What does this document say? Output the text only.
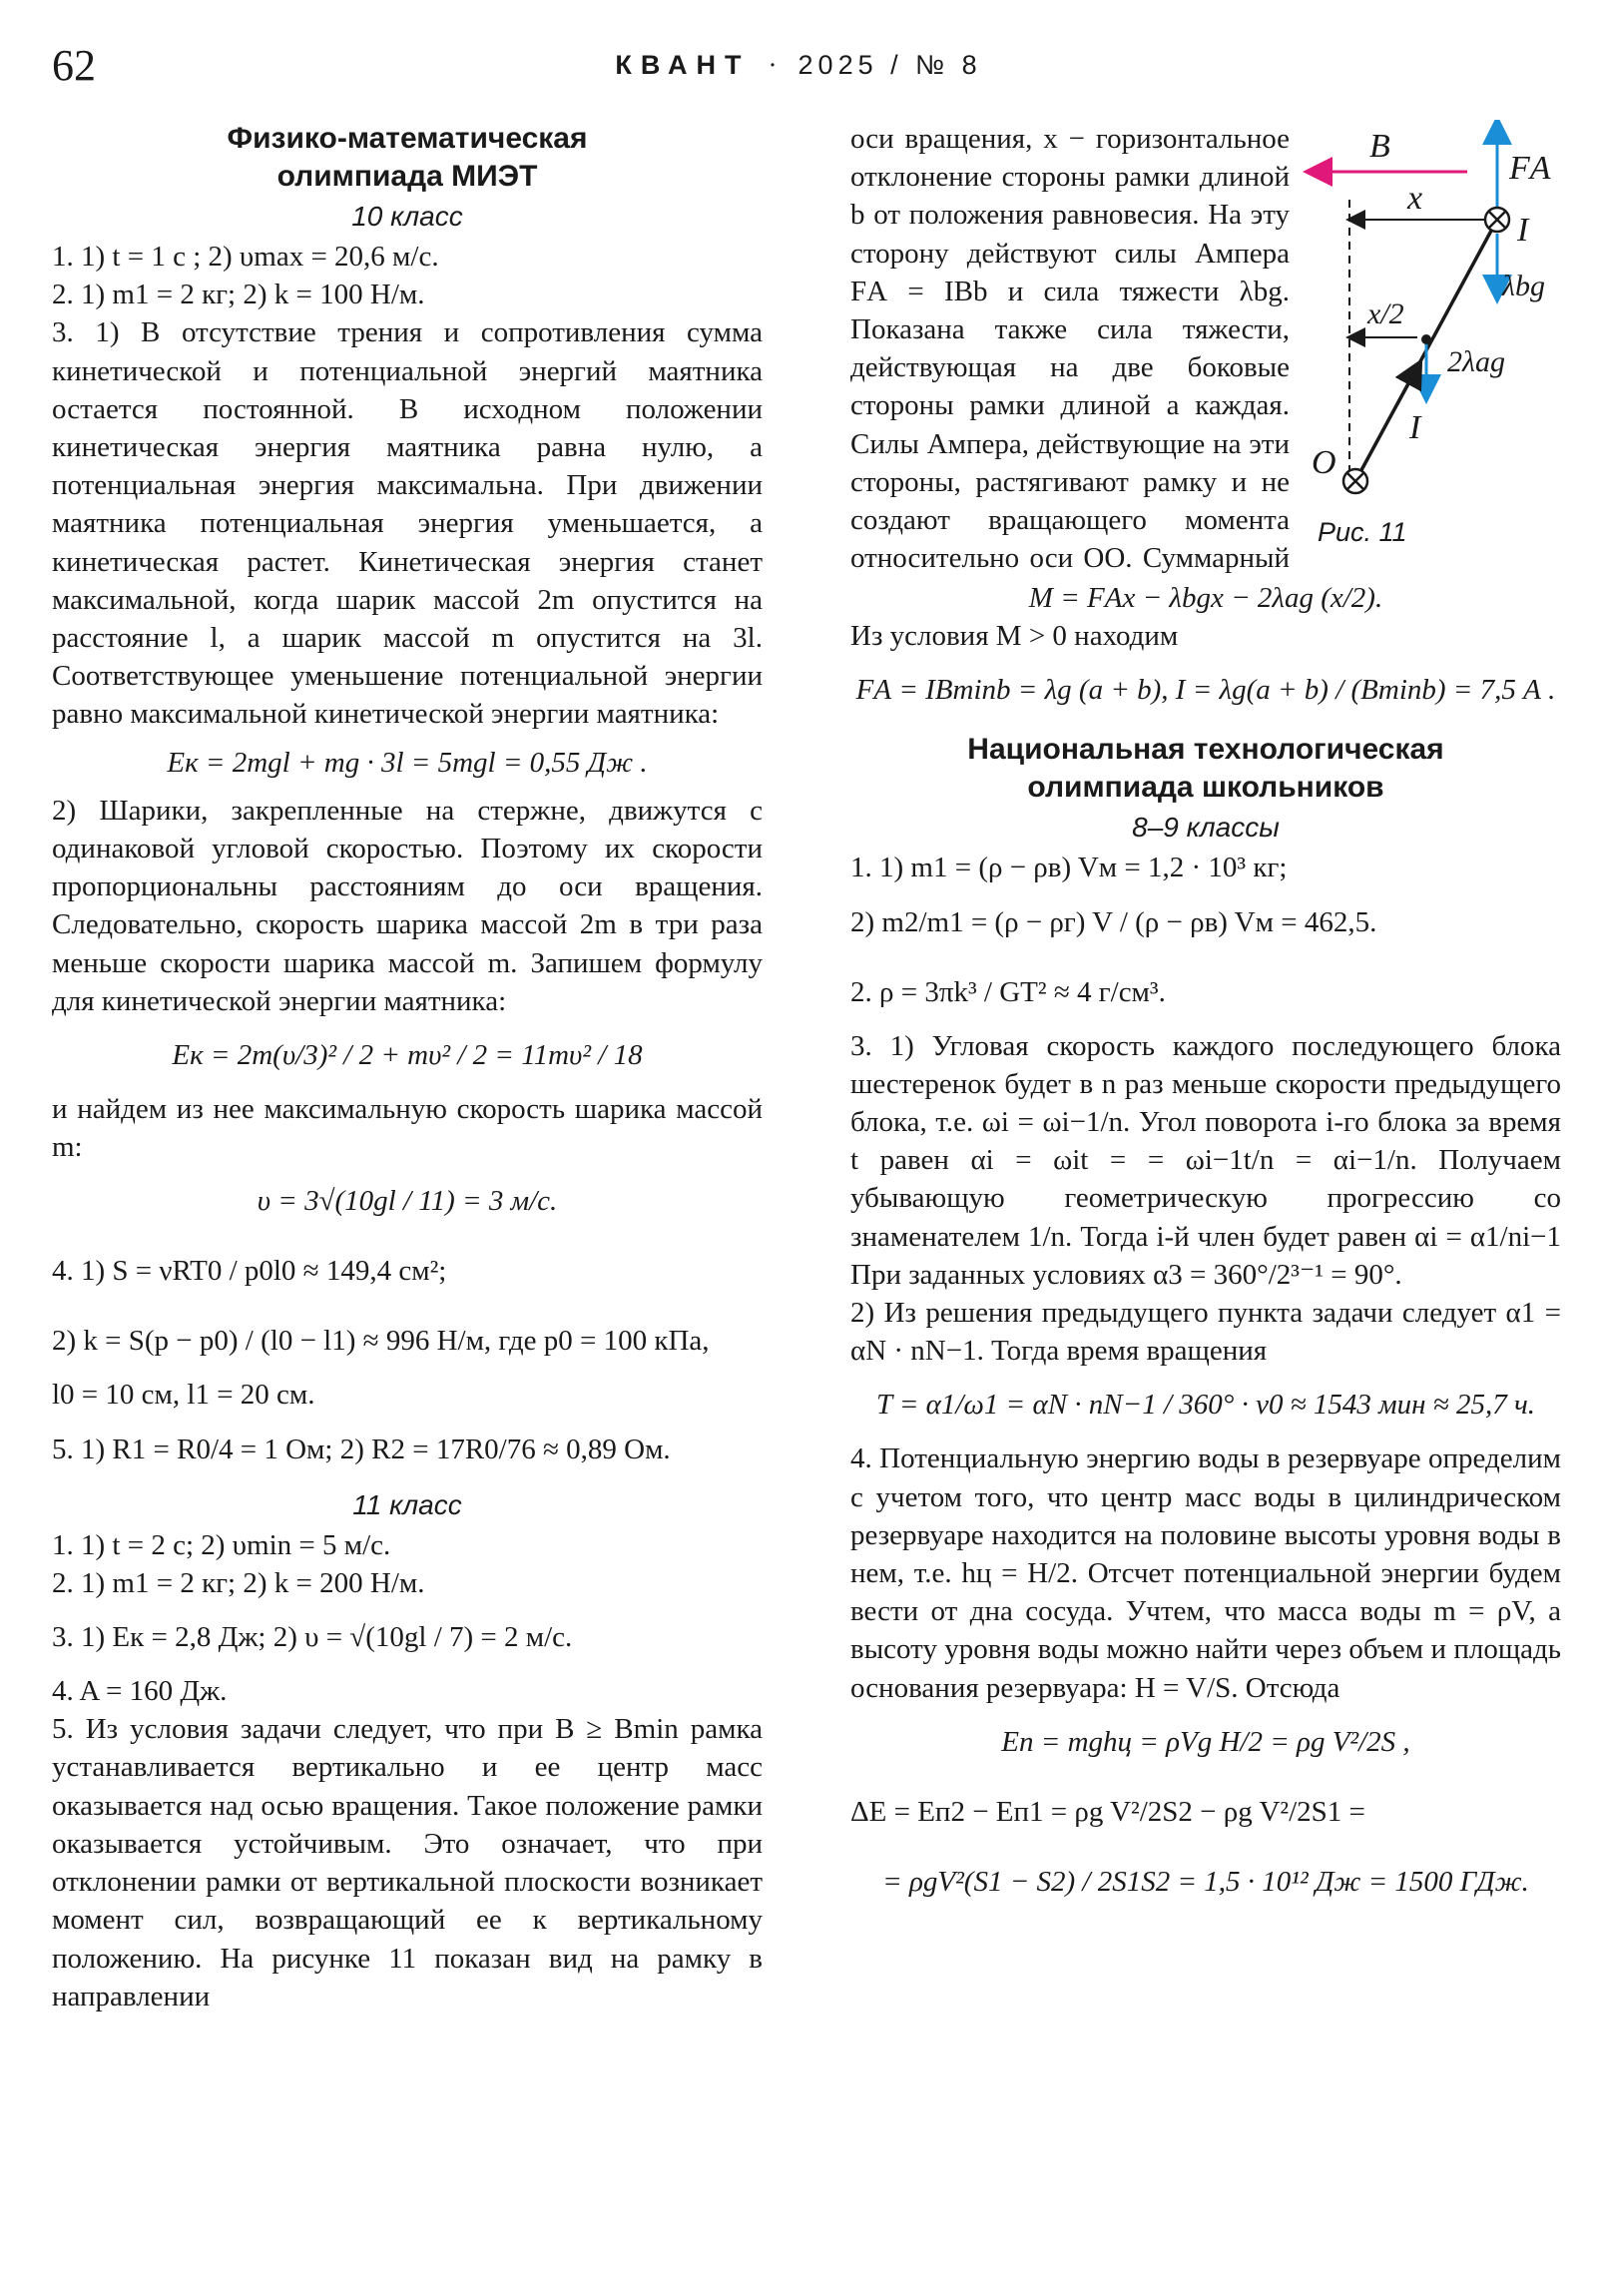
62	КВАНТ · 2025 / № 8

Физико-математическая

олимпиада МИЭТ

10 класс

1. 1) t = 1 с ; 2) υmax = 20,6 м/с.

2. 1) m1 = 2 кг; 2) k = 100 Н/м.

3. 1) В отсутствие трения и сопротивления сумма кинетической и потенциальной энергий маятника остается постоянной. В исходном положении кинетическая энергия маятника равна нулю, а потенциальная энергия максимальна. При движении маятника потенциальная энергия уменьшается, а кинетическая растет. Кинетическая энергия станет максимальной, когда шарик массой 2m опустится на расстояние l, а шарик массой m опустится на 3l. Соответствующее уменьшение потенциальной энергии равно максимальной кинетической энергии маятника:

Eк = 2mgl + mg · 3l = 5mgl = 0,55 Дж .

2) Шарики, закрепленные на стержне, движутся с одинаковой угловой скоростью. Поэтому их скорости пропорциональны расстояниям до оси вращения. Следовательно, скорость шарика массой 2m в три раза меньше скорости шарика массой m. Запишем формулу для кинетической энергии маятника:

Eк = 2m(υ/3)² / 2 + mυ² / 2 = 11mυ² / 18

и найдем из нее максимальную скорость шарика массой m:

υ = 3√(10gl / 11) = 3 м/с.

4. 1) S = νRT0 / p0l0 ≈ 149,4 см²;

2) k = S(p − p0) / (l0 − l1) ≈ 996 Н/м, где p0 = 100 кПа,

l0 = 10 см, l1 = 20 см.

5. 1) R1 = R0/4 = 1 Ом; 2) R2 = 17R0/76 ≈ 0,89 Ом.

11 класс

1. 1) t = 2 с; 2) υmin = 5 м/с.

2. 1) m1 = 2 кг; 2) k = 200 Н/м.

3. 1) Eк = 2,8 Дж; 2) υ = √(10gl / 7) = 2 м/с.

4. A = 160 Дж.

5. Из условия задачи следует, что при B ≥ Bmin рамка устанавливается вертикально и ее центр масс оказывается над осью вращения. Такое положение рамки оказывается устойчивым. Это означает, что при отклонении рамки от вертикальной плоскости возникает момент сил, возвращающий ее к вертикальному положению. На рисунке 11 показан вид на рамку в направлении

оси вращения, x − горизонтальное отклонение стороны рамки длиной b от положения равновесия. На эту сторону действуют силы Ампера FА = IBb и сила тяжести λbg. Показана также сила тяжести, действующая на две боковые стороны рамки длиной a каждая. Силы Ампера, действующие на эти стороны, растягивают рамку и не создают вращающего момента относительно оси OO. Суммарный

B
FА
x
I
λbg
x/2
2λag
I
O
Рис. 11

M = FАx − λbgx − 2λag (x/2).

Из условия M > 0 находим

FА = IBminb = λg (a + b), I = λg(a + b) / (Bminb) = 7,5 А .

Национальная технологическая

олимпиада школьников

8–9 классы

1. 1) m1 = (ρ − ρв) Vм = 1,2 · 10³ кг;

2) m2/m1 = (ρ − ρг) V / (ρ − ρв) Vм = 462,5.

2. ρ = 3πk³ / GT² ≈ 4 г/см³.

3. 1) Угловая скорость каждого последующего блока шестеренок будет в n раз меньше скорости предыдущего блока, т.е. ωi = ωi−1/n. Угол поворота i-го блока за время t равен αi = ωit = = ωi−1t/n = αi−1/n. Получаем убывающую геометрическую прогрессию со знаменателем 1/n. Тогда i-й член будет равен αi = α1/ni−1 При заданных условиях α3 = 360°/2³⁻¹ = 90°.

2) Из решения предыдущего пункта задачи следует α1 = αN · nN−1. Тогда время вращения

T = α1/ω1 = αN · nN−1 / 360° · ν0 ≈ 1543 мин ≈ 25,7 ч.

4. Потенциальную энергию воды в резервуаре определим с учетом того, что центр масс воды в цилиндрическом резервуаре находится на половине высоты уровня воды в нем, т.е. hц = H/2. Отсчет потенциальной энергии будем вести от дна сосуда. Учтем, что масса воды m = ρV, а высоту уровня воды можно найти через объем и площадь основания резервуара: H = V/S. Отсюда

Eп = mghц = ρVg H/2 = ρg V²/2S ,

ΔE = Eп2 − Eп1 = ρg V²/2S2 − ρg V²/2S1 =

= ρgV²(S1 − S2) / 2S1S2 = 1,5 · 10¹² Дж = 1500 ГДж.
